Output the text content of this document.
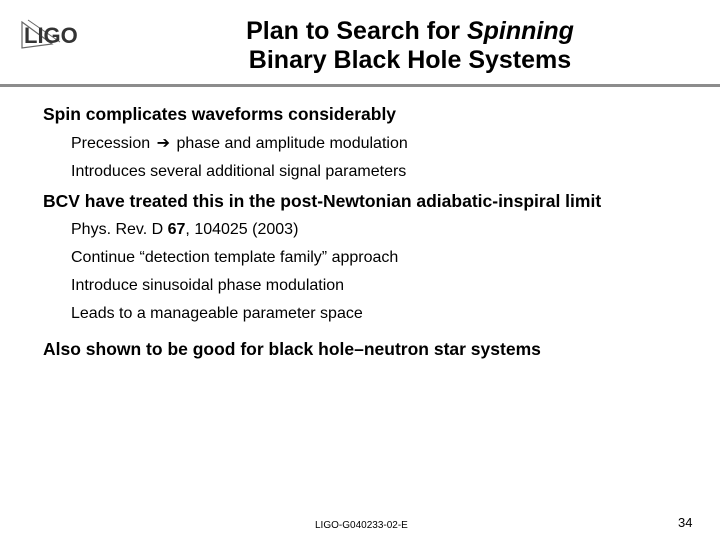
LIGO	Plan to Search for Spinning
Binary Black Hole Systems
Spin complicates waveforms considerably
Precession ➔ phase and amplitude modulation
Introduces several additional signal parameters
BCV have treated this in the post-Newtonian adiabatic-inspiral limit
Phys. Rev. D 67, 104025 (2003)
Continue “detection template family” approach
Introduce sinusoidal phase modulation
Leads to a manageable parameter space
Also shown to be good for black hole–neutron star systems
LIGO-G040233-02-E	34
